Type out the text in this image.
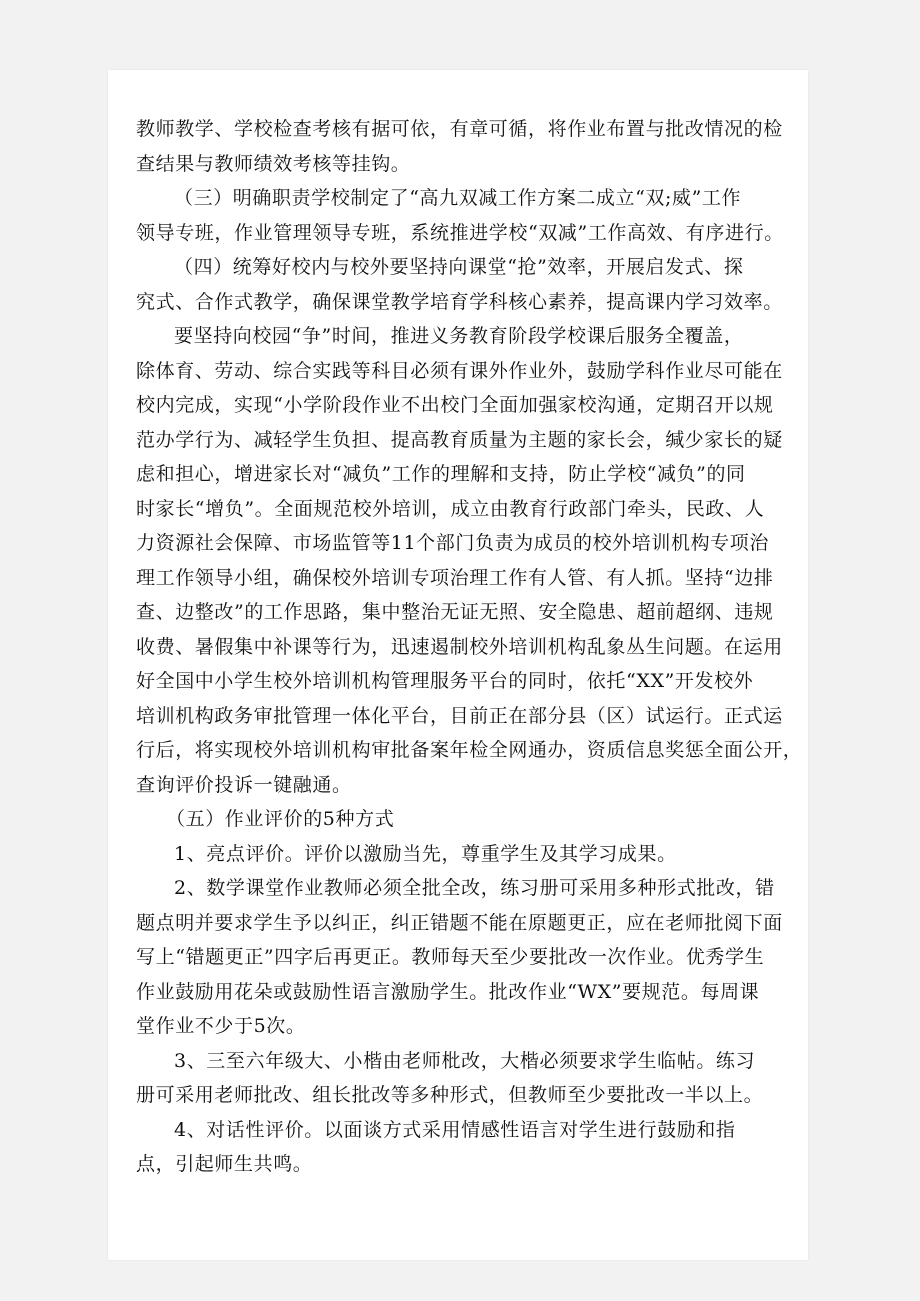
教师教学、学校检查考核有据可依，有章可循，将作业布置与批改情况的检
查结果与教师绩效考核等挂钩。
（三）明确职责学校制定了“高九双减工作方案二成立“双;威”工作
领导专班，作业管理领导专班，系统推进学校“双减”工作高效、有序进行。
（四）统筹好校内与校外要坚持向课堂“抢”效率，开展启发式、探
究式、合作式教学，确保课堂教学培育学科核心素养，提高课内学习效率。
要坚持向校园“争”时间，推进义务教育阶段学校课后服务全覆盖，
除体育、劳动、综合实践等科目必须有课外作业外，鼓励学科作业尽可能在
校内完成，实现“小学阶段作业不出校门全面加强家校沟通，定期召开以规
范办学行为、减轻学生负担、提高教育质量为主题的家长会，缄少家长的疑
虑和担心，增进家长对“减负”工作的理解和支持，防止学校“减负”的同
时家长“增负”。全面规范校外培训，成立由教育行政部门牵头，民政、人
力资源社会保障、市场监管等11个部门负责为成员的校外培训机构专项治
理工作领导小组，确保校外培训专项治理工作有人管、有人抓。坚持“边排
查、边整改”的工作思路，集中整治无证无照、安全隐患、超前超纲、违规
收费、暑假集中补课等行为，迅速遏制校外培训机构乱象丛生问题。在运用
好全国中小学生校外培训机构管理服务平台的同时，依托“XX”开发校外
培训机构政务审批管理一体化平台，目前正在部分县（区）试运行。正式运
行后，将实现校外培训机构审批备案年检全网通办，资质信息奖惩全面公开，
查询评价投诉一键融通。
（五）作业评价的5种方式
1、亮点评价。评价以激励当先，尊重学生及其学习成果。
2、数学课堂作业教师必须全批全改，练习册可采用多种形式批改，错
题点明并要求学生予以纠正，纠正错题不能在原题更正，应在老师批阅下面
写上“错题更正”四字后再更正。教师每天至少要批改一次作业。优秀学生
作业鼓励用花朵或鼓励性语言激励学生。批改作业“WX”要规范。每周课
堂作业不少于5次。
3、三至六年级大、小楷由老师枇改，大楷必须要求学生临帖。练习
册可采用老师批改、组长批改等多种形式，但教师至少要批改一半以上。
4、对话性评价。以面谈方式采用情感性语言对学生进行鼓励和指
点，引起师生共鸣。
